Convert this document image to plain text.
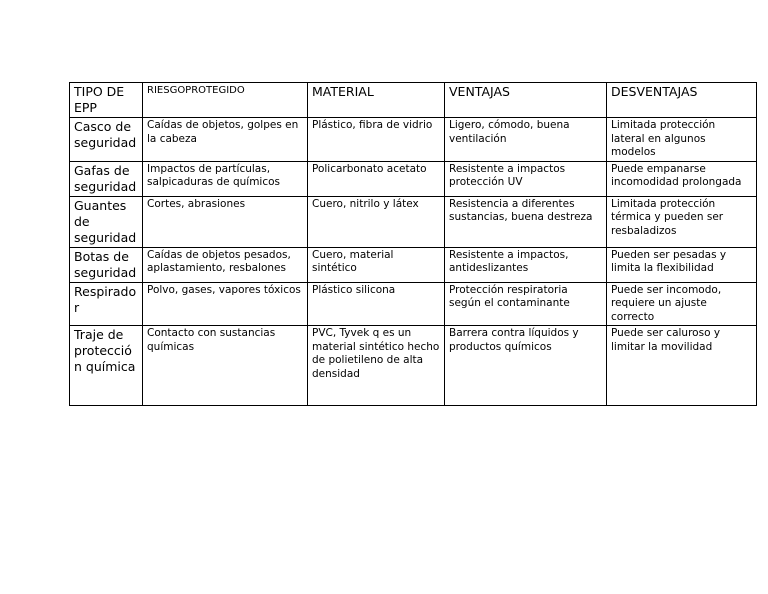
TIPO DE EPP	RIESGOPROTEGIDO	MATERIAL	VENTAJAS	DESVENTAJAS
Casco de seguridad	Caídas de objetos, golpes en la cabeza	Plástico, fibra de vidrio	Ligero, cómodo, buena ventilación	Limitada protección lateral en algunos modelos
Gafas de seguridad	Impactos de partículas, salpicaduras de químicos	Policarbonato acetato	Resistente a impactos protección UV	Puede empanarse incomodidad prolongada
Guantes de seguridad	Cortes, abrasiones	Cuero, nitrilo y látex	Resistencia a diferentes sustancias, buena destreza	Limitada protección térmica y pueden ser resbaladizos
Botas de seguridad	Caídas de objetos pesados, aplastamiento, resbalones	Cuero, material sintético	Resistente a impactos, antideslizantes	Pueden ser pesadas y limita la flexibilidad
Respirador	Polvo, gases, vapores tóxicos	Plástico silicona	Protección respiratoria según el contaminante	Puede ser incomodo, requiere un ajuste correcto
Traje de protección química	Contacto con sustancias químicas	PVC, Tyvek q es un material sintético hecho de polietileno de alta densidad	Barrera contra líquidos y productos químicos	Puede ser caluroso y limitar la movilidad
